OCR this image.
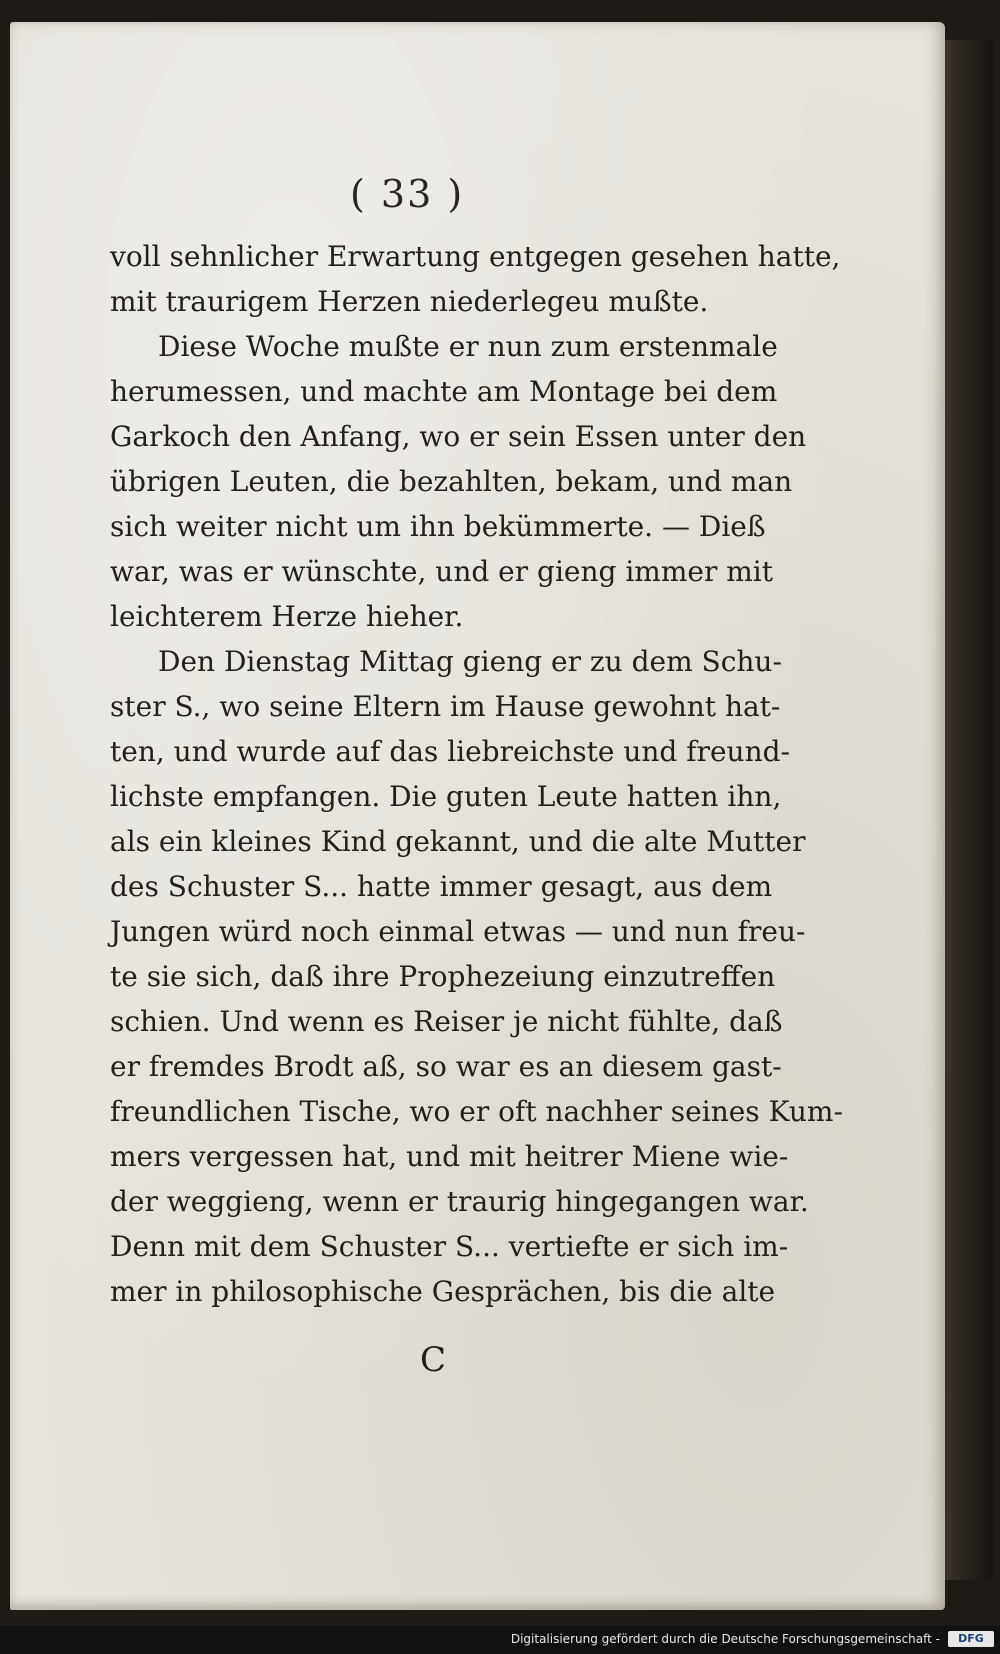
( 33 )
voll sehnlicher Erwartung entgegen gesehen hatte,
mit traurigem Herzen niederlegeu mußte.
Diese Woche mußte er nun zum erstenmale
herumessen, und machte am Montage bei dem
Garkoch den Anfang, wo er sein Essen unter den
übrigen Leuten, die bezahlten, bekam, und man
sich weiter nicht um ihn bekümmerte. — Dieß
war, was er wünschte, und er gieng immer mit
leichterem Herze hieher.
Den Dienstag Mittag gieng er zu dem Schu-
ster S., wo seine Eltern im Hause gewohnt hat-
ten, und wurde auf das liebreichste und freund-
lichste empfangen. Die guten Leute hatten ihn,
als ein kleines Kind gekannt, und die alte Mutter
des Schuster S... hatte immer gesagt, aus dem
Jungen würd noch einmal etwas — und nun freu-
te sie sich, daß ihre Prophezeiung einzutreffen
schien. Und wenn es Reiser je nicht fühlte, daß
er fremdes Brodt aß, so war es an diesem gast-
freundlichen Tische, wo er oft nachher seines Kum-
mers vergessen hat, und mit heitrer Miene wie-
der weggieng, wenn er traurig hingegangen war.
Denn mit dem Schuster S... vertiefte er sich im-
mer in philosophische Gesprächen, bis die alte
C
Digitalisierung gefördert durch die Deutsche Forschungsgemeinschaft -	DFG
